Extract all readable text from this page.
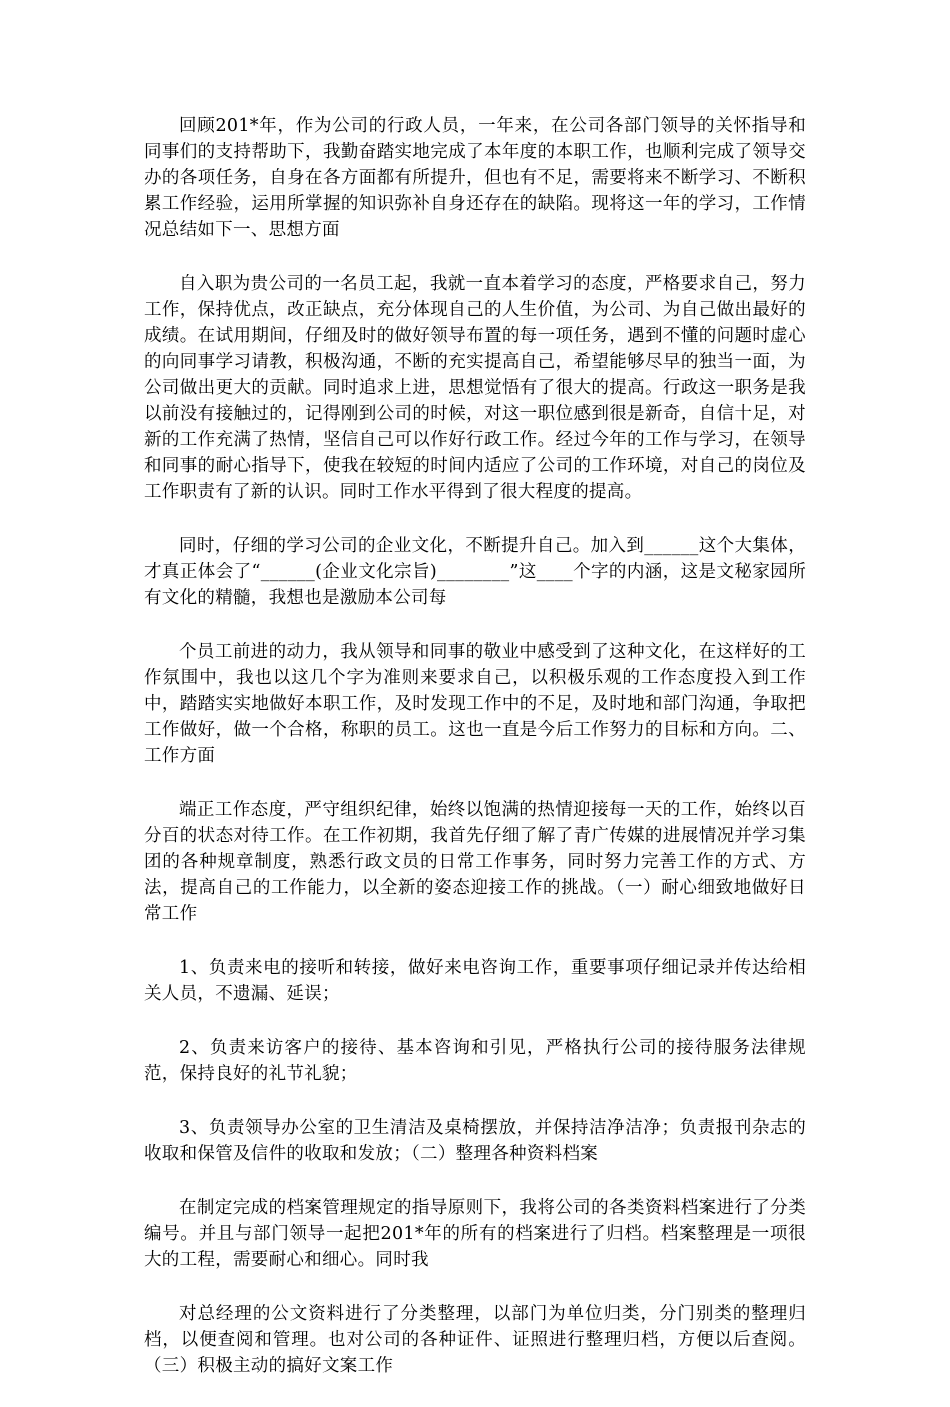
回顾201*年，作为公司的行政人员，一年来，在公司各部门领导的关怀指导和同事们的支持帮助下，我勤奋踏实地完成了本年度的本职工作，也顺利完成了领导交办的各项任务，自身在各方面都有所提升，但也有不足，需要将来不断学习、不断积累工作经验，运用所掌握的知识弥补自身还存在的缺陷。现将这一年的学习，工作情况总结如下一、思想方面

自入职为贵公司的一名员工起，我就一直本着学习的态度，严格要求自己，努力工作，保持优点，改正缺点，充分体现自己的人生价值，为公司、为自己做出最好的成绩。在试用期间，仔细及时的做好领导布置的每一项任务，遇到不懂的问题时虚心的向同事学习请教，积极沟通，不断的充实提高自己，希望能够尽早的独当一面，为公司做出更大的贡献。同时追求上进，思想觉悟有了很大的提高。行政这一职务是我以前没有接触过的，记得刚到公司的时候，对这一职位感到很是新奇，自信十足，对新的工作充满了热情，坚信自己可以作好行政工作。经过今年的工作与学习，在领导和同事的耐心指导下，使我在较短的时间内适应了公司的工作环境，对自己的岗位及工作职责有了新的认识。同时工作水平得到了很大程度的提高。

同时，仔细的学习公司的企业文化，不断提升自己。加入到______这个大集体，才真正体会了“______(企业文化宗旨)________”这____个字的内涵，这是文秘家园所有文化的精髓，我想也是激励本公司每

个员工前进的动力，我从领导和同事的敬业中感受到了这种文化，在这样好的工作氛围中，我也以这几个字为准则来要求自己，以积极乐观的工作态度投入到工作中，踏踏实实地做好本职工作，及时发现工作中的不足，及时地和部门沟通，争取把工作做好，做一个合格，称职的员工。这也一直是今后工作努力的目标和方向。二、工作方面

端正工作态度，严守组织纪律，始终以饱满的热情迎接每一天的工作，始终以百分百的状态对待工作。在工作初期，我首先仔细了解了青广传媒的进展情况并学习集团的各种规章制度，熟悉行政文员的日常工作事务，同时努力完善工作的方式、方法，提高自己的工作能力，以全新的姿态迎接工作的挑战。（一）耐心细致地做好日常工作

1、负责来电的接听和转接，做好来电咨询工作，重要事项仔细记录并传达给相关人员，不遗漏、延误；

2、负责来访客户的接待、基本咨询和引见，严格执行公司的接待服务法律规范，保持良好的礼节礼貌；

3、负责领导办公室的卫生清洁及桌椅摆放，并保持洁净洁净；负责报刊杂志的收取和保管及信件的收取和发放；（二）整理各种资料档案

在制定完成的档案管理规定的指导原则下，我将公司的各类资料档案进行了分类编号。并且与部门领导一起把201*年的所有的档案进行了归档。档案整理是一项很大的工程，需要耐心和细心。同时我

对总经理的公文资料进行了分类整理，以部门为单位归类，分门别类的整理归档，以便查阅和管理。也对公司的各种证件、证照进行整理归档，方便以后查阅。（三）积极主动的搞好文案工作
